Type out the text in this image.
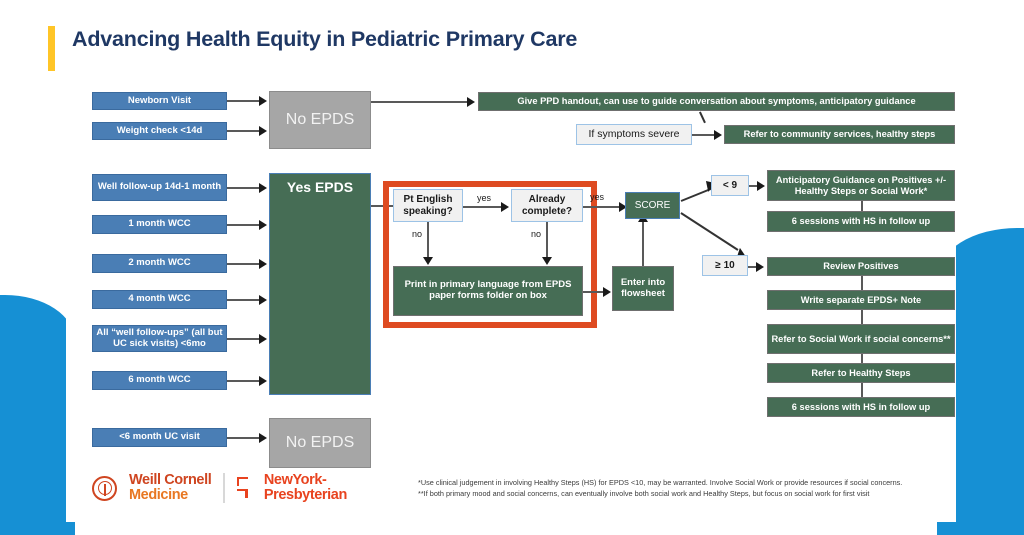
Advancing Health Equity in Pediatric Primary Care
Newborn Visit
Weight check <14d
No EPDS
Give PPD handout, can use to guide conversation about symptoms, anticipatory guidance
If symptoms severe	Refer to community services, healthy steps
Well follow-up 14d-1 month
1 month WCC
2 month WCC
4 month WCC
All “well follow-ups” (all but UC sick visits) <6mo
6 month WCC
Yes EPDS
<6 month UC visit	No EPDS
Pt English speaking?
yes	Already complete?
no	no
Print in primary language from EPDS paper forms folder on box
yes
Enter into flowsheet
SCORE
< 9
≥ 10
Anticipatory Guidance on Positives +/- Healthy Steps or Social Work*
6 sessions with HS in follow up
Review Positives
Write separate EPDS+ Note
Refer to Social Work if social concerns**
Refer to Healthy Steps
6 sessions with HS in follow up
*Use clinical judgement in involving Healthy Steps (HS) for EPDS <10, may be warranted. Involve Social Work or provide resources if social concerns.
**If both primary mood and social concerns, can eventually involve both social work and Healthy Steps, but focus on social work for first visit
Weill Cornell
Medicine
NewYork-
Presbyterian
